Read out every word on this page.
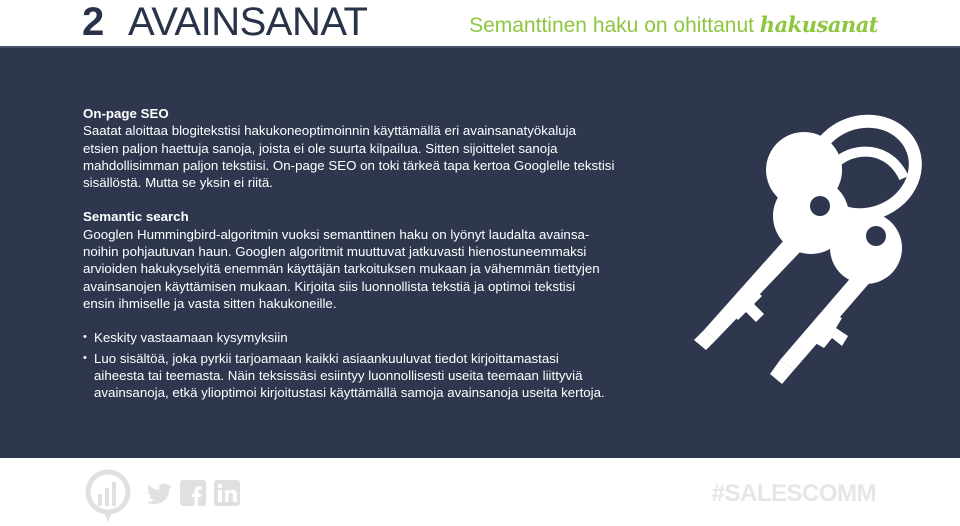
2 AVAINSANAT	Semanttinen haku on ohittanut hakusanat
On-page SEO
Saatat aloittaa blogitekstisi hakukoneoptimoinnin käyttämällä eri avainsanatyökaluja
etsien paljon haettuja sanoja, joista ei ole suurta kilpailua. Sitten sijoittelet sanoja
mahdollisimman paljon tekstiisi. On-page SEO on toki tärkeä tapa kertoa Googlelle tekstisi
sisällöstä. Mutta se yksin ei riitä.
Semantic search
Googlen Hummingbird-algoritmin vuoksi semanttinen haku on lyönyt laudalta avainsa-
noihin pohjautuvan haun. Googlen algoritmit muuttuvat jatkuvasti hienostuneemmaksi
arvioiden hakukyselyitä enemmän käyttäjän tarkoituksen mukaan ja vähemmän tiettyjen
avainsanojen käyttämisen mukaan. Kirjoita siis luonnollista tekstiä ja optimoi tekstisi
ensin ihmiselle ja vasta sitten hakukoneille.
• Keskity vastaamaan kysymyksiin
• Luo sisältöä, joka pyrkii tarjoamaan kaikki asiaankuuluvat tiedot kirjoittamastasi
aiheesta tai teemasta. Näin teksissäsi esiintyy luonnollisesti useita teemaan liittyviä
avainsanoja, etkä ylioptimoi kirjoitustasi käyttämällä samoja avainsanoja useita kertoja.
#SALESCOMM
